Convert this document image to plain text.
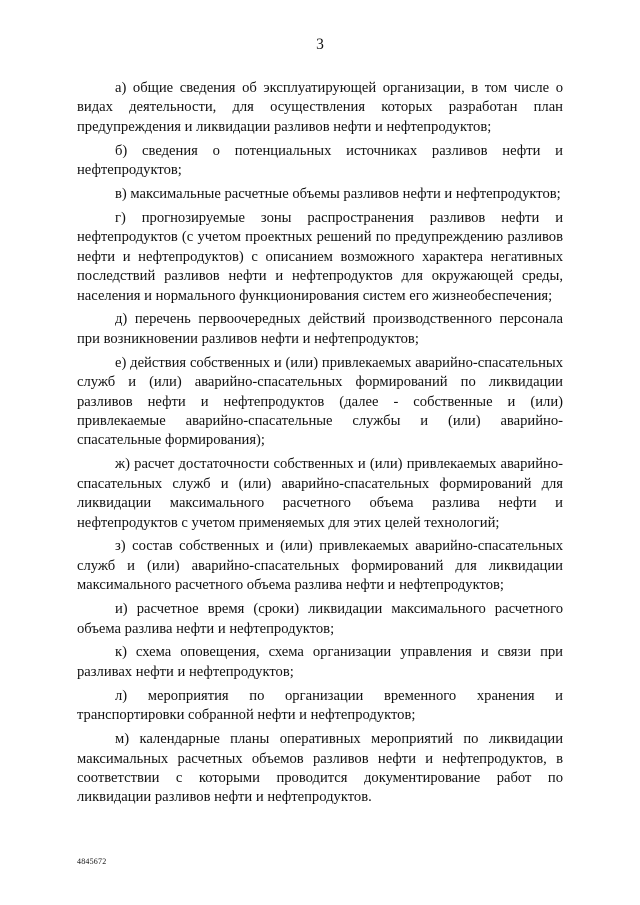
3

а) общие сведения об эксплуатирующей организации, в том числе о видах деятельности, для осуществления которых разработан план предупреждения и ликвидации разливов нефти и нефтепродуктов;

б) сведения о потенциальных источниках разливов нефти и нефтепродуктов;

в) максимальные расчетные объемы разливов нефти и нефтепродуктов;

г) прогнозируемые зоны распространения разливов нефти и нефтепродуктов (с учетом проектных решений по предупреждению разливов нефти и нефтепродуктов) с описанием возможного характера негативных последствий разливов нефти и нефтепродуктов для окружающей среды, населения и нормального функционирования систем его жизнеобеспечения;

д) перечень первоочередных действий производственного персонала при возникновении разливов нефти и нефтепродуктов;

е) действия собственных и (или) привлекаемых аварийно-спасательных служб и (или) аварийно-спасательных формирований по ликвидации разливов нефти и нефтепродуктов (далее - собственные и (или) привлекаемые аварийно-спасательные службы и (или) аварийно-спасательные формирования);

ж) расчет достаточности собственных и (или) привлекаемых аварийно-спасательных служб и (или) аварийно-спасательных формирований для ликвидации максимального расчетного объема разлива нефти и нефтепродуктов с учетом применяемых для этих целей технологий;

з) состав собственных и (или) привлекаемых аварийно-спасательных служб и (или) аварийно-спасательных формирований для ликвидации максимального расчетного объема разлива нефти и нефтепродуктов;

и) расчетное время (сроки) ликвидации максимального расчетного объема разлива нефти и нефтепродуктов;

к) схема оповещения, схема организации управления и связи при разливах нефти и нефтепродуктов;

л) мероприятия по организации временного хранения и транспортировки собранной нефти и нефтепродуктов;

м) календарные планы оперативных мероприятий по ликвидации максимальных расчетных объемов разливов нефти и нефтепродуктов, в соответствии с которыми проводится документирование работ по ликвидации разливов нефти и нефтепродуктов.

4845672
